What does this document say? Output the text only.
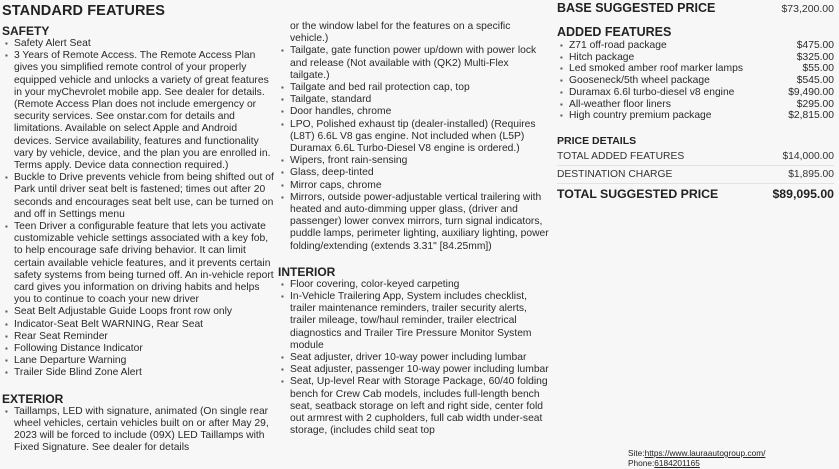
STANDARD FEATURES
SAFETY
▪ Safety Alert Seat
▪ 3 Years of Remote Access. The Remote Access Plan gives you simplified remote control of your properly equipped vehicle and unlocks a variety of great features in your myChevrolet mobile app. See dealer for details. (Remote Access Plan does not include emergency or security services. See onstar.com for details and limitations. Available on select Apple and Android devices. Service availability, features and functionality vary by vehicle, device, and the plan you are enrolled in. Terms apply. Device data connection required.)
▪ Buckle to Drive prevents vehicle from being shifted out of Park until driver seat belt is fastened; times out after 20 seconds and encourages seat belt use, can be turned on and off in Settings menu
▪ Teen Driver a configurable feature that lets you activate customizable vehicle settings associated with a key fob, to help encourage safe driving behavior. It can limit certain available vehicle features, and it prevents certain safety systems from being turned off. An in-vehicle report card gives you information on driving habits and helps you to continue to coach your new driver
▪ Seat Belt Adjustable Guide Loops front row only
▪ Indicator-Seat Belt WARNING, Rear Seat
▪ Rear Seat Reminder
▪ Following Distance Indicator
▪ Lane Departure Warning
▪ Trailer Side Blind Zone Alert
EXTERIOR
▪ Taillamps, LED with signature, animated (On single rear wheel vehicles, certain vehicles built on or after May 29, 2023 will be forced to include (09X) LED Taillamps with Fixed Signature. See dealer for details
or the window label for the features on a specific vehicle.)
▪ Tailgate, gate function power up/down with power lock and release (Not available with (QK2) Multi-Flex tailgate.)
▪ Tailgate and bed rail protection cap, top
▪ Tailgate, standard
▪ Door handles, chrome
▪ LPO, Polished exhaust tip (dealer-installed) (Requires (L8T) 6.6L V8 gas engine. Not included when (L5P) Duramax 6.6L Turbo-Diesel V8 engine is ordered.)
▪ Wipers, front rain-sensing
▪ Glass, deep-tinted
▪ Mirror caps, chrome
▪ Mirrors, outside power-adjustable vertical trailering with heated and auto-dimming upper glass, (driver and passenger) lower convex mirrors, turn signal indicators, puddle lamps, perimeter lighting, auxiliary lighting, power folding/extending (extends 3.31" [84.25mm])
INTERIOR
▪ Floor covering, color-keyed carpeting
▪ In-Vehicle Trailering App, System includes checklist, trailer maintenance reminders, trailer security alerts, trailer mileage, tow/haul reminder, trailer electrical diagnostics and Trailer Tire Pressure Monitor System module
▪ Seat adjuster, driver 10-way power including lumbar
▪ Seat adjuster, passenger 10-way power including lumbar
▪ Seat, Up-level Rear with Storage Package, 60/40 folding bench for Crew Cab models, includes full-length bench seat, seatback storage on left and right side, center fold out armrest with 2 cupholders, full cab width under-seat storage, (includes child seat top
BASE SUGGESTED PRICE	$73,200.00
ADDED FEATURES
▪ Z71 off-road package	$475.00
▪ Hitch package	$325.00
▪ Led smoked amber roof marker lamps	$55.00
▪ Gooseneck/5th wheel package	$545.00
▪ Duramax 6.6l turbo-diesel v8 engine	$9,490.00
▪ All-weather floor liners	$295.00
▪ High country premium package	$2,815.00
PRICE DETAILS
TOTAL ADDED FEATURES	$14,000.00
DESTINATION CHARGE	$1,895.00
TOTAL SUGGESTED PRICE	$89,095.00
Site:https://www.lauraautogroup.com/
Phone:6184201165
